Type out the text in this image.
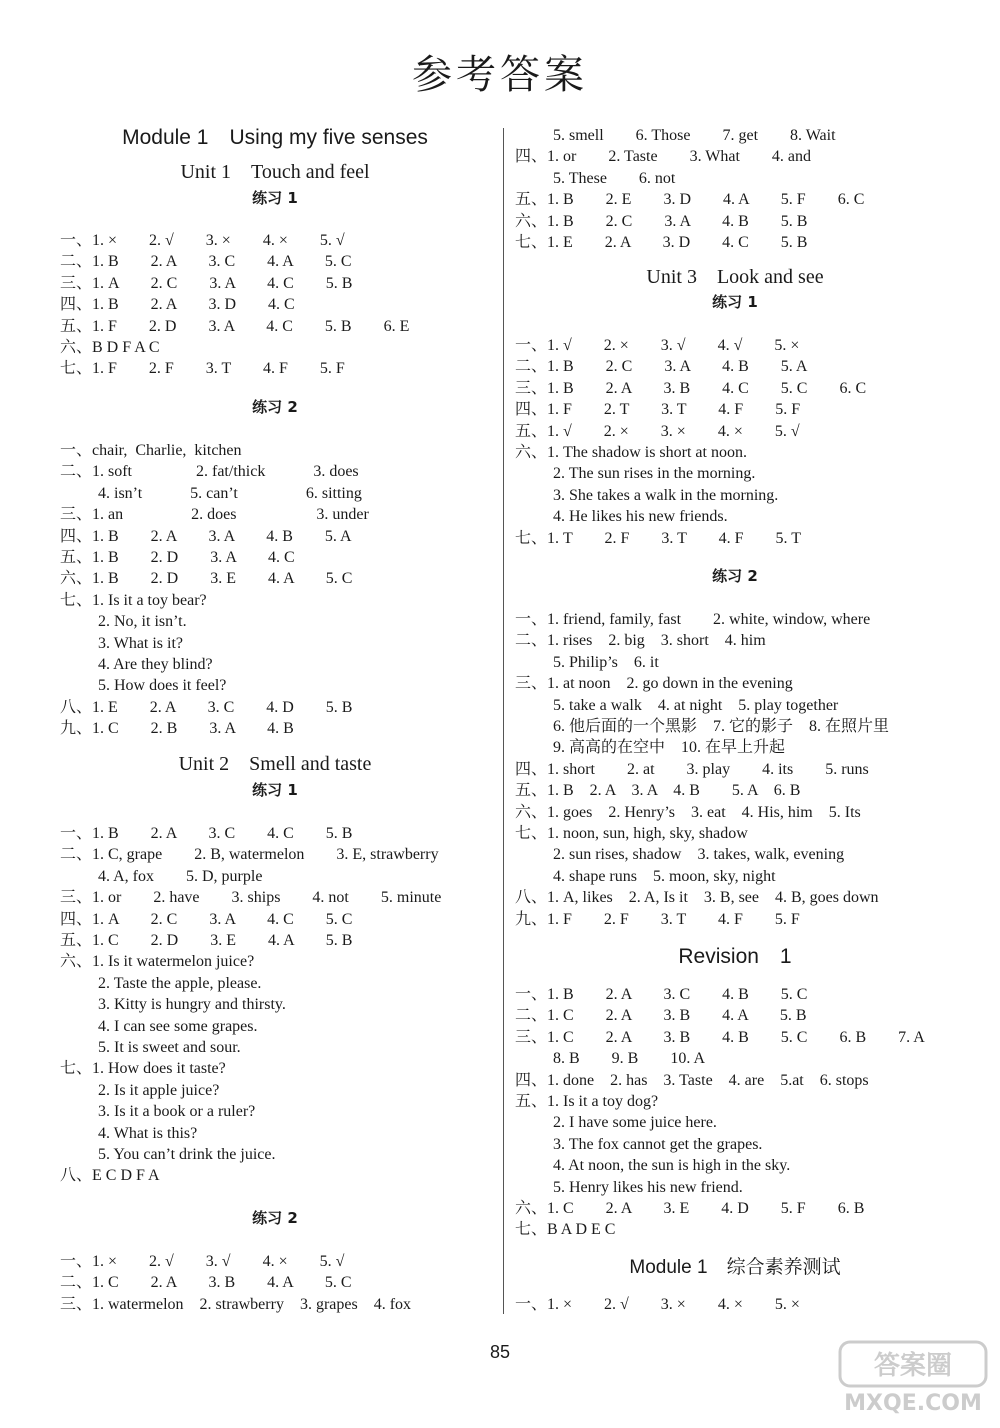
参考答案
Module 1　Using my five senses
Unit 1　Touch and feel
练习 1
一、1. ×　　2. √　　3. ×　　4. ×　　5. √
二、1. B　　2. A　　3. C　　4. A　　5. C
三、1. A　　2. C　　3. A　　4. C　　5. B
四、1. B　　2. A　　3. D　　4. C
五、1. F　　2. D　　3. A　　4. C　　5. B　　6. E
六、B D F A C
七、1. F　　2. F　　3. T　　4. F　　5. F
练习 2
一、chair,  Charlie,  kitchen
二、1. soft　　　　2. fat/thick　　　3. does
4. isn’t　　　5. can’t　　　　 6. sitting
三、1. an　　　　 2. does　　　　　3. under
四、1. B　　2. A　　3. A　　4. B　　5. A
五、1. B　　2. D　　3. A　　4. C
六、1. B　　2. D　　3. E　　4. A　　5. C
七、1. Is it a toy bear?
2. No, it isn’t.
3. What is it?
4. Are they blind?
5. How does it feel?
八、1. E　　2. A　　3. C　　4. D　　5. B
九、1. C　　2. B　　3. A　　4. B
Unit 2　Smell and taste
练习 1
一、1. B　　2. A　　3. C　　4. C　　5. B
二、1. C, grape　　2. B, watermelon　　3. E, strawberry
4. A, fox　　5. D, purple
三、1. or　　2. have　　3. ships　　4. not　　5. minute
四、1. A　　2. C　　3. A　　4. C　　5. C
五、1. C　　2. D　　3. E　　4. A　　5. B
六、1. Is it watermelon juice?
2. Taste the apple, please.
3. Kitty is hungry and thirsty.
4. I can see some grapes.
5. It is sweet and sour.
七、1. How does it taste?
2. Is it apple juice?
3. Is it a book or a ruler?
4. What is this?
5. You can’t drink the juice.
八、E C D F A
练习 2
一、1. ×　　2. √　　3. √　　4. ×　　5. √
二、1. C　　2. A　　3. B　　4. A　　5. C
三、1. watermelon　2. strawberry　3. grapes　4. fox
5. smell　　6. Those　　7. get　　8. Wait
四、1. or　　2. Taste　　3. What　　4. and
5. These　　6. not
五、1. B　　2. E　　3. D　　4. A　　5. F　　6. C
六、1. B　　2. C　　3. A　　4. B　　5. B
七、1. E　　2. A　　3. D　　4. C　　5. B
Unit 3　Look and see
练习 1
一、1. √　　2. ×　　3. √　　4. √　　5. ×
二、1. B　　2. C　　3. A　　4. B　　5. A
三、1. B　　2. A　　3. B　　4. C　　5. C　　6. C
四、1. F　　2. T　　3. T　　4. F　　5. F
五、1. √　　2. ×　　3. ×　　4. ×　　5. √
六、1. The shadow is short at noon.
2. The sun rises in the morning.
3. She takes a walk in the morning.
4. He likes his new friends.
七、1. T　　2. F　　3. T　　4. F　　5. T
练习 2
一、1. friend, family, fast　　2. white, window, where
二、1. rises　2. big　3. short　4. him
5. Philip’s　6. it
三、1. at noon　2. go down in the evening
5. take a walk　4. at night　5. play together
6. 他后面的一个黑影　7. 它的影子　8. 在照片里
9. 高高的在空中　10. 在早上升起
四、1. short　　2. at　　3. play　　4. its　　5. runs
五、1. B　2. A　3. A　4. B　　5. A　6. B
六、1. goes　2. Henry’s　3. eat　4. His, him　5. Its
七、1. noon, sun, high, sky, shadow
2. sun rises, shadow　3. takes, walk, evening
4. shape runs　5. moon, sky, night
八、1. A, likes　2. A, Is it　3. B, see　4. B, goes down
九、1. F　　2. F　　3. T　　4. F　　5. F
Revision　1
一、1. B　　2. A　　3. C　　4. B　　5. C
二、1. C　　2. A　　3. B　　4. A　　5. B
三、1. C　　2. A　　3. B　　4. B　　5. C　　6. B　　7. A
8. B　　9. B　　10. A
四、1. done　2. has　3. Taste　4. are　5.at　6. stops
五、1. Is it a toy dog?
2. I have some juice here.
3. The fox cannot get the grapes.
4. At noon, the sun is high in the sky.
5. Henry likes his new friend.
六、1. C　　2. A　　3. E　　4. D　　5. F　　6. B
七、B A D E C
Module 1　综合素养测试
一、1. ×　　2. √　　3. ×　　4. ×　　5. ×
85	答案圈
MXQE.COM
